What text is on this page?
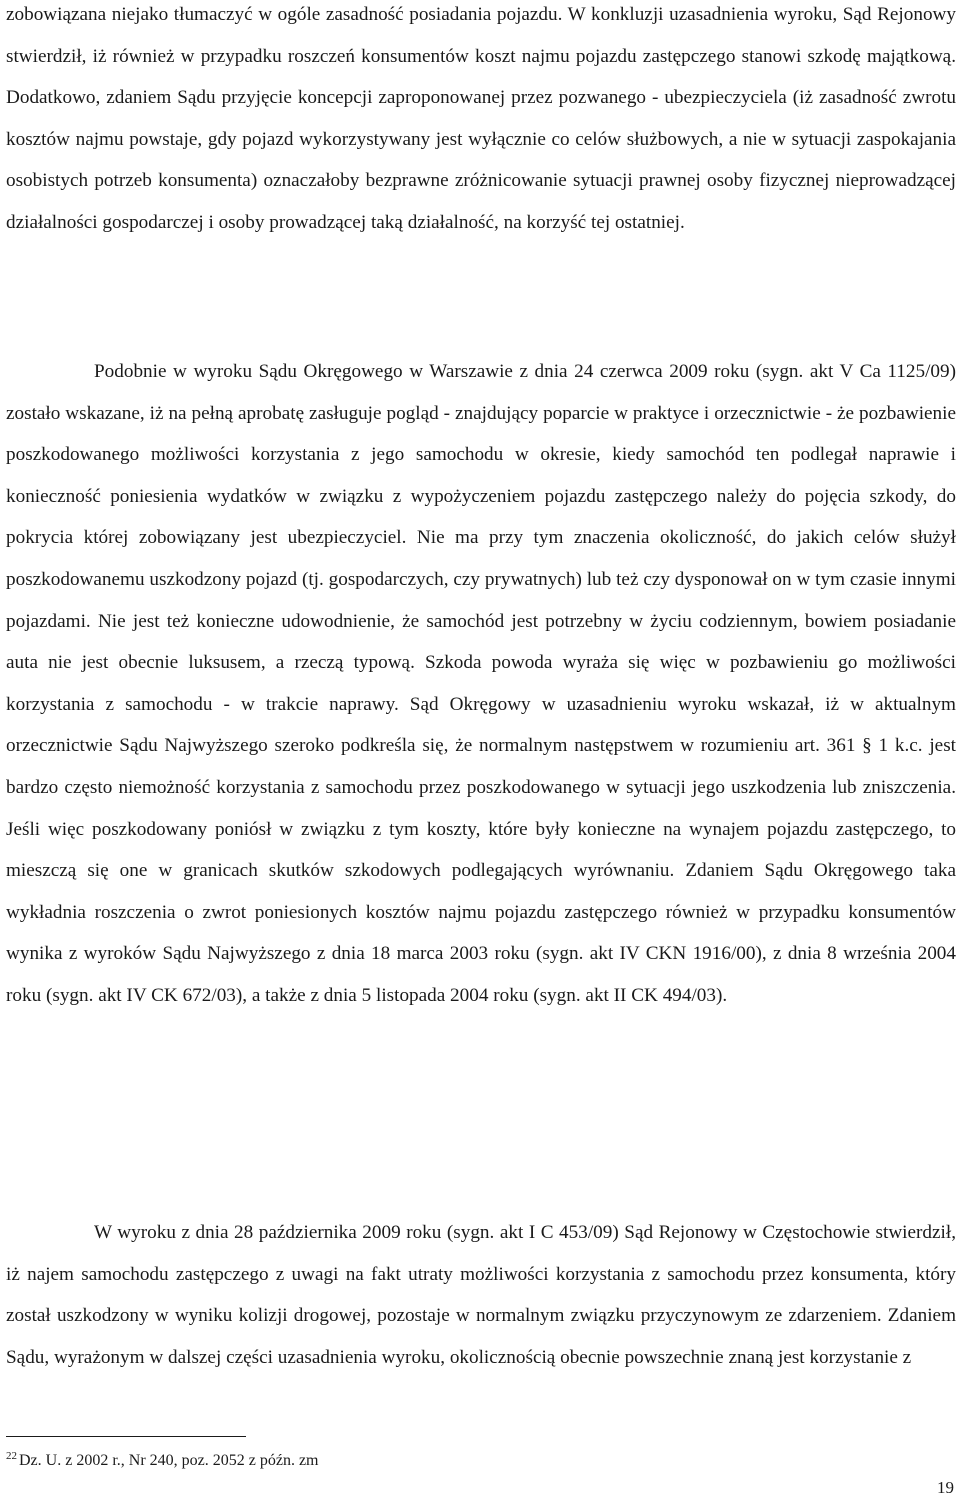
zobowiązana niejako tłumaczyć w ogóle zasadność posiadania pojazdu. W konkluzji uzasadnienia wyroku, Sąd Rejonowy stwierdził, iż również w przypadku roszczeń konsumentów koszt najmu pojazdu zastępczego stanowi szkodę majątkową. Dodatkowo, zdaniem Sądu przyjęcie koncepcji zaproponowanej przez pozwanego - ubezpieczyciela (iż zasadność zwrotu kosztów najmu powstaje, gdy pojazd wykorzystywany jest wyłącznie co celów służbowych, a nie w sytuacji zaspokajania osobistych potrzeb konsumenta) oznaczałoby bezprawne zróżnicowanie sytuacji prawnej osoby fizycznej nieprowadzącej działalności gospodarczej i osoby prowadzącej taką działalność, na korzyść tej ostatniej.

Podobnie w wyroku Sądu Okręgowego w Warszawie z dnia 24 czerwca 2009 roku (sygn. akt V Ca 1125/09) zostało wskazane, iż na pełną aprobatę zasługuje pogląd - znajdujący poparcie w praktyce i orzecznictwie - że pozbawienie poszkodowanego możliwości korzystania z jego samochodu w okresie, kiedy samochód ten podlegał naprawie i konieczność poniesienia wydatków w związku z wypożyczeniem pojazdu zastępczego należy do pojęcia szkody, do pokrycia której zobowiązany jest ubezpieczyciel. Nie ma przy tym znaczenia okoliczność, do jakich celów służył poszkodowanemu uszkodzony pojazd (tj. gospodarczych, czy prywatnych) lub też czy dysponował on w tym czasie innymi pojazdami. Nie jest też konieczne udowodnienie, że samochód jest potrzebny w życiu codziennym, bowiem posiadanie auta nie jest obecnie luksusem, a rzeczą typową. Szkoda powoda wyraża się więc w pozbawieniu go możliwości korzystania z samochodu - w trakcie naprawy. Sąd Okręgowy w uzasadnieniu wyroku wskazał, iż w aktualnym orzecznictwie Sądu Najwyższego szeroko podkreśla się, że normalnym następstwem w rozumieniu art. 361 § 1 k.c. jest bardzo często niemożność korzystania z samochodu przez poszkodowanego w sytuacji jego uszkodzenia lub zniszczenia. Jeśli więc poszkodowany poniósł w związku z tym koszty, które były konieczne na wynajem pojazdu zastępczego, to mieszczą się one w granicach skutków szkodowych podlegających wyrównaniu. Zdaniem Sądu Okręgowego taka wykładnia roszczenia o zwrot poniesionych kosztów najmu pojazdu zastępczego również w przypadku konsumentów wynika z wyroków Sądu Najwyższego z dnia 18 marca 2003 roku (sygn. akt IV CKN 1916/00), z dnia 8 września 2004 roku (sygn. akt IV CK 672/03), a także z dnia 5 listopada 2004 roku (sygn. akt II CK 494/03).

W wyroku z dnia 28 października 2009 roku (sygn. akt I C 453/09) Sąd Rejonowy w Częstochowie stwierdził, iż najem samochodu zastępczego z uwagi na fakt utraty możliwości korzystania z samochodu przez konsumenta, który został uszkodzony w wyniku kolizji drogowej, pozostaje w normalnym związku przyczynowym ze zdarzeniem. Zdaniem Sądu, wyrażonym w dalszej części uzasadnienia wyroku, okolicznością obecnie powszechnie znaną jest korzystanie z

$^{22}$ Dz. U. z 2002 r., Nr 240, poz. 2052 z późn. zm

19
